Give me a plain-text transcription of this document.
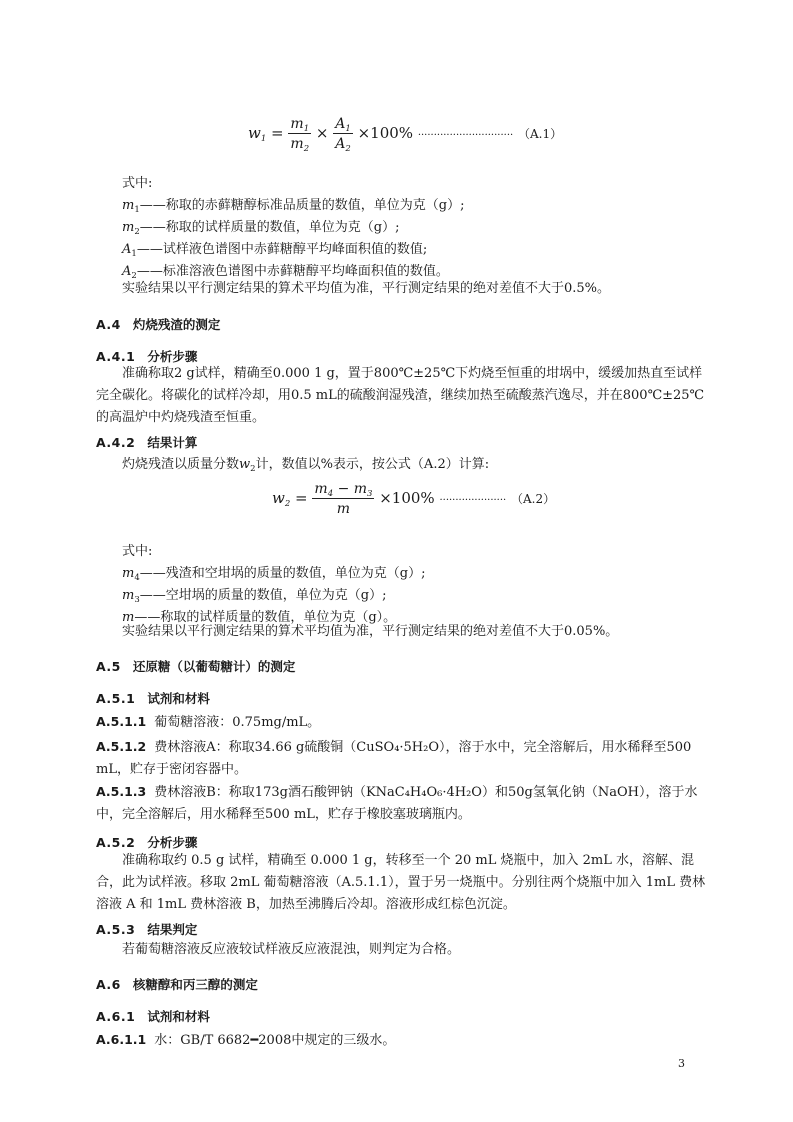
$w_1 = \frac{m_1}{m_2} \times \frac{A_1}{A_2} \times 100\%$ ······························ （A.1）
式中:
$m_1——$称取的赤藓糖醇标准品质量的数值，单位为克（g）;
$m_2——$称取的试样质量的数值，单位为克（g）;
$A_1——$试样液色谱图中赤藓糖醇平均峰面积值的数值;
$A_2——$标准溶液色谱图中赤藓糖醇平均峰面积值的数值。
实验结果以平行测定结果的算术平均值为准，平行测定结果的绝对差值不大于0.5%。
A.4 灼烧残渣的测定
A.4.1 分析步骤
准确称取2 g试样，精确至0.000 1 g，置于800℃±25℃下灼烧至恒重的坩埚中，缓缓加热直至试样完全碳化。将碳化的试样冷却，用0.5 mL的硫酸润湿残渣，继续加热至硫酸蒸汽逸尽，并在800℃±25℃的高温炉中灼烧残渣至恒重。
A.4.2 结果计算
灼烧残渣以质量分数$w_2$计，数值以%表示，按公式（A.2）计算:
$w_2 = \frac{m_4 - m_3}{m} \times 100\%$ ····················· （A.2）
式中:
$m_4——$残渣和空坩埚的质量的数值，单位为克（g）;
$m_3——$空坩埚的质量的数值，单位为克（g）;
m——称取的试样质量的数值，单位为克（g）。
实验结果以平行测定结果的算术平均值为准，平行测定结果的绝对差值不大于0.05%。
A.5 还原糖（以葡萄糖计）的测定
A.5.1 试剂和材料
A.5.1.1 葡萄糖溶液：0.75mg/mL。
A.5.1.2 费林溶液A：称取34.66 g硫酸铜（CuSO₄·5H₂O），溶于水中，完全溶解后，用水稀释至500 mL，贮存于密闭容器中。
A.5.1.3 费林溶液B：称取173g酒石酸钾钠（KNaC₄H₄O₆·4H₂O）和50g氢氧化钠（NaOH），溶于水中，完全溶解后，用水稀释至500 mL，贮存于橡胶塞玻璃瓶内。
A.5.2 分析步骤
准确称取约 0.5 g 试样，精确至 0.000 1 g，转移至一个 20 mL 烧瓶中，加入 2mL 水，溶解、混合，此为试样液。移取 2mL 葡萄糖溶液（A.5.1.1），置于另一烧瓶中。分别往两个烧瓶中加入 1mL 费林溶液 A 和 1mL 费林溶液 B，加热至沸腾后冷却。溶液形成红棕色沉淀。
A.5.3 结果判定
若葡萄糖溶液反应液较试样液反应液混浊，则判定为合格。
A.6 核糖醇和丙三醇的测定
A.6.1 试剂和材料
A.6.1.1 水：GB/T 6682━2008中规定的三级水。
3
